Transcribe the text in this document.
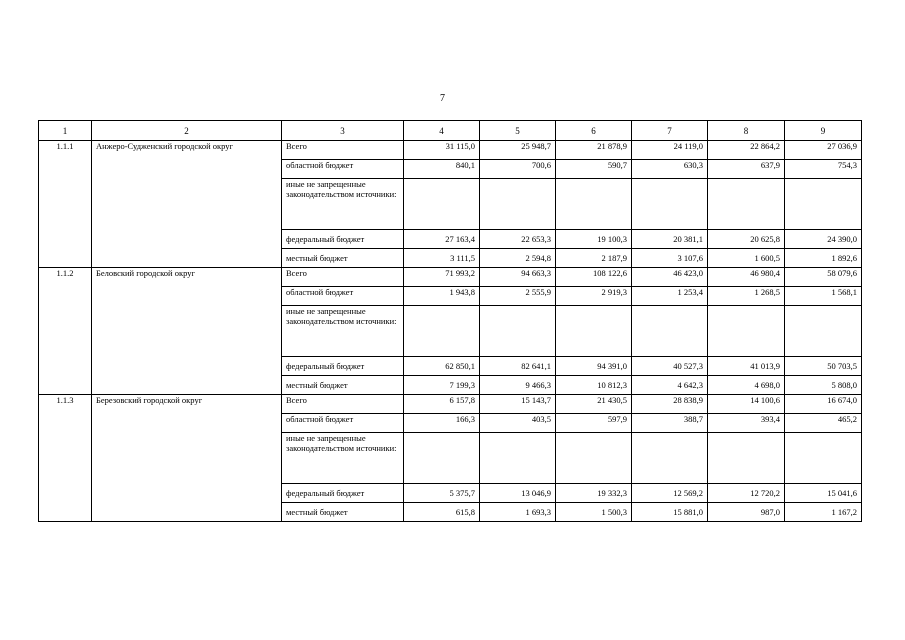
7
1	2	3	4	5	6	7	8	9
1.1.1	Анжеро-Судженский городской округ	Всего	31 115,0	25 948,7	21 878,9	24 119,0	22 864,2	27 036,9
		областной бюджет	840,1	700,6	590,7	630,3	637,9	754,3
		иные не запрещенные законодательством источники:						
		федеральный бюджет	27 163,4	22 653,3	19 100,3	20 381,1	20 625,8	24 390,0
		местный бюджет	3 111,5	2 594,8	2 187,9	3 107,6	1 600,5	1 892,6
1.1.2	Беловский городской округ	Всего	71 993,2	94 663,3	108 122,6	46 423,0	46 980,4	58 079,6
		областной бюджет	1 943,8	2 555,9	2 919,3	1 253,4	1 268,5	1 568,1
		иные не запрещенные законодательством источники:						
		федеральный бюджет	62 850,1	82 641,1	94 391,0	40 527,3	41 013,9	50 703,5
		местный бюджет	7 199,3	9 466,3	10 812,3	4 642,3	4 698,0	5 808,0
1.1.3	Березовский городской округ	Всего	6 157,8	15 143,7	21 430,5	28 838,9	14 100,6	16 674,0
		областной бюджет	166,3	403,5	597,9	388,7	393,4	465,2
		иные не запрещенные законодательством источники:						
		федеральный бюджет	5 375,7	13 046,9	19 332,3	12 569,2	12 720,2	15 041,6
		местный бюджет	615,8	1 693,3	1 500,3	15 881,0	987,0	1 167,2
